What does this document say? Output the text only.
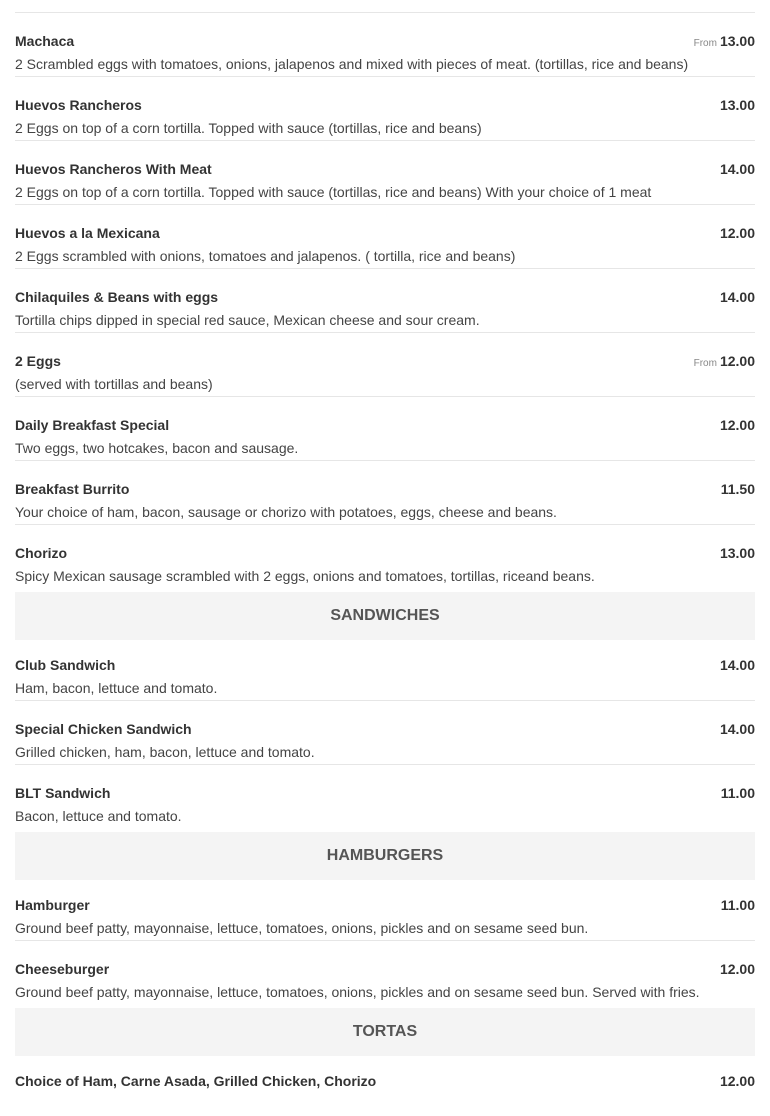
Machaca	From 13.00
2 Scrambled eggs with tomatoes, onions, jalapenos and mixed with pieces of meat. (tortillas, rice and beans)
Huevos Rancheros	13.00
2 Eggs on top of a corn tortilla. Topped with sauce (tortillas, rice and beans)
Huevos Rancheros With Meat	14.00
2 Eggs on top of a corn tortilla. Topped with sauce (tortillas, rice and beans) With your choice of 1 meat
Huevos a la Mexicana	12.00
2 Eggs scrambled with onions, tomatoes and jalapenos. ( tortilla, rice and beans)
Chilaquiles & Beans with eggs	14.00
Tortilla chips dipped in special red sauce, Mexican cheese and sour cream.
2 Eggs	From 12.00
(served with tortillas and beans)
Daily Breakfast Special	12.00
Two eggs, two hotcakes, bacon and sausage.
Breakfast Burrito	11.50
Your choice of ham, bacon, sausage or chorizo with potatoes, eggs, cheese and beans.
Chorizo	13.00
Spicy Mexican sausage scrambled with 2 eggs, onions and tomatoes, tortillas, riceand beans.
SANDWICHES
Club Sandwich	14.00
Ham, bacon, lettuce and tomato.
Special Chicken Sandwich	14.00
Grilled chicken, ham, bacon, lettuce and tomato.
BLT Sandwich	11.00
Bacon, lettuce and tomato.
HAMBURGERS
Hamburger	11.00
Ground beef patty, mayonnaise, lettuce, tomatoes, onions, pickles and on sesame seed bun.
Cheeseburger	12.00
Ground beef patty, mayonnaise, lettuce, tomatoes, onions, pickles and on sesame seed bun. Served with fries.
TORTAS
Choice of Ham, Carne Asada, Grilled Chicken, Chorizo	12.00
